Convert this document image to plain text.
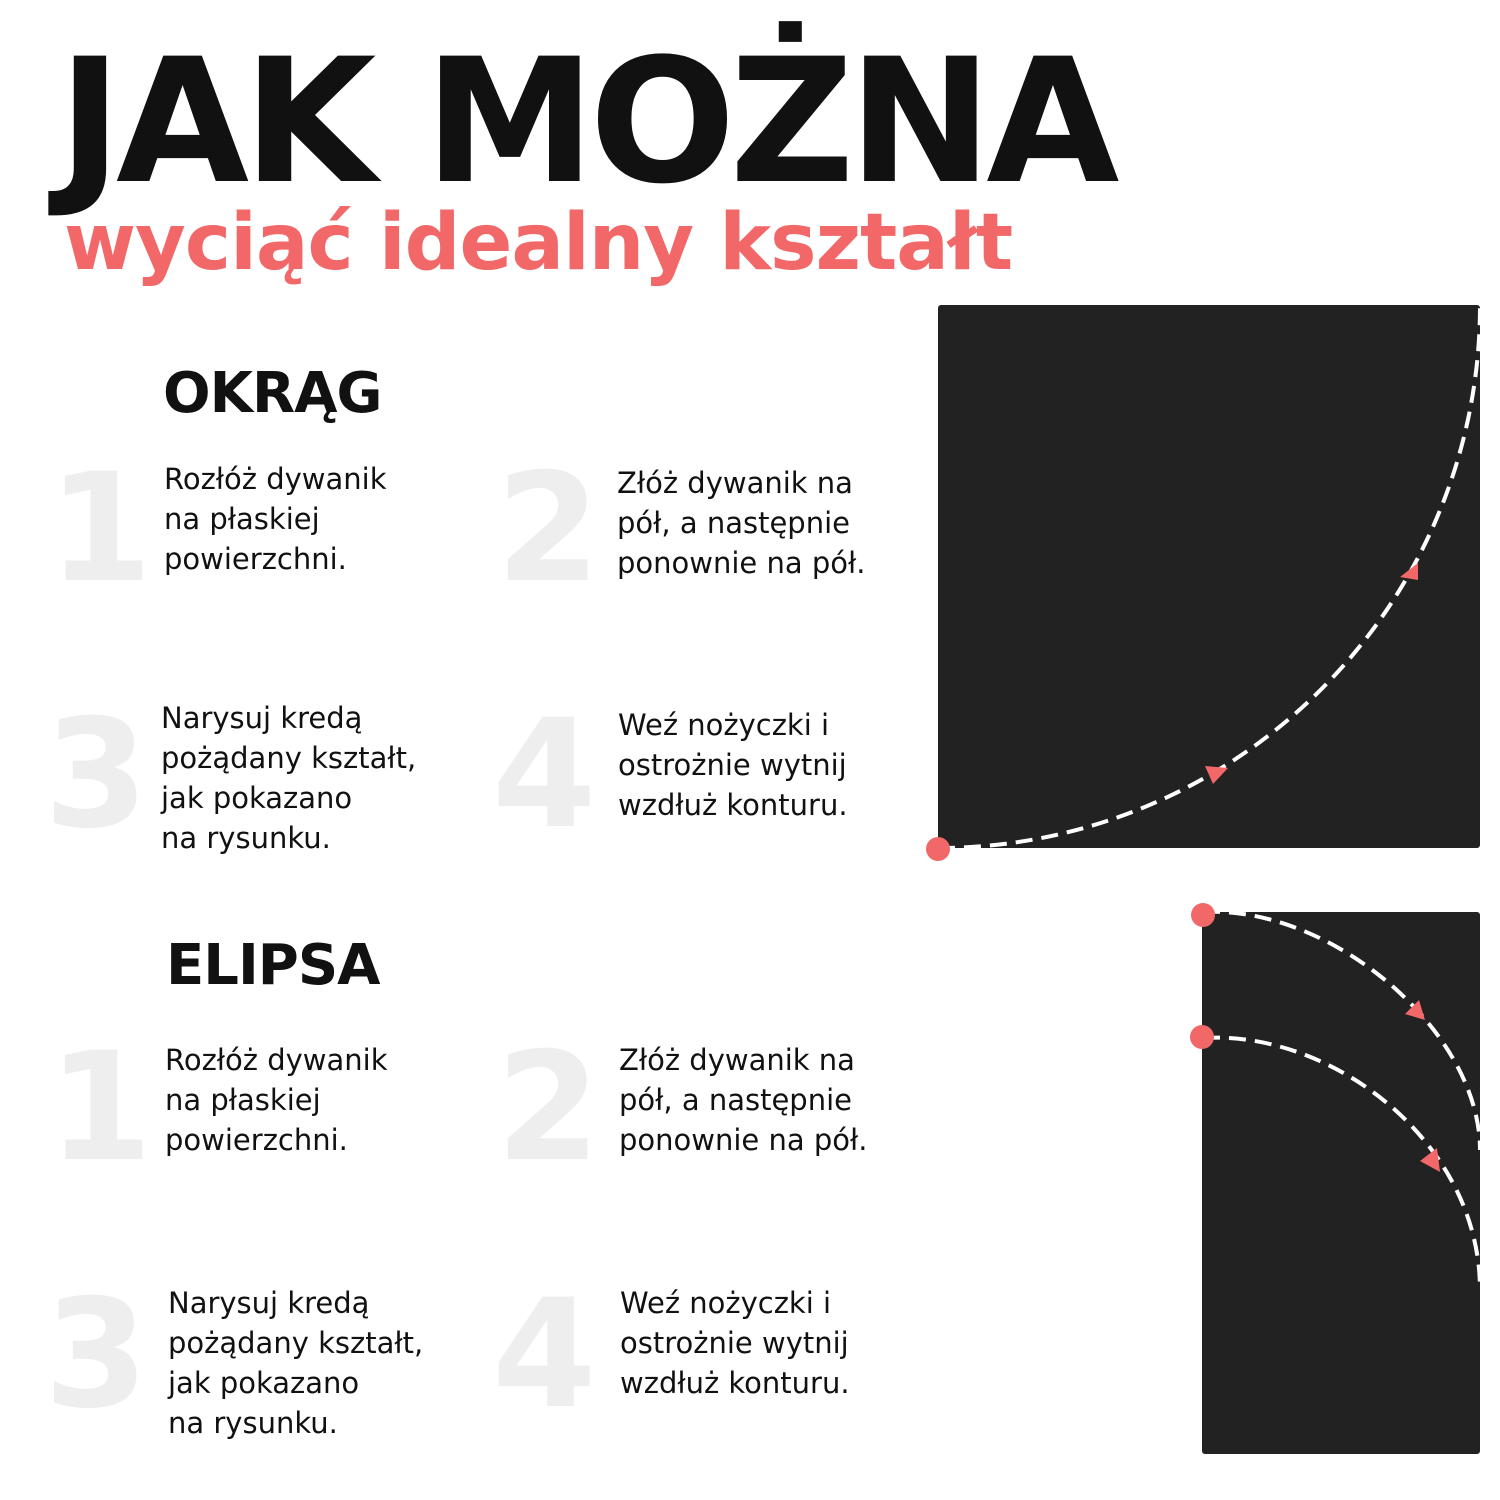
JAK MOŻNA
wyciąć idealny kształt
OKRĄG
1 Rozłóż dywanik
na płaskiej
powierzchni. 2 Złóż dywanik na
pół, a następnie
ponownie na pół.

3 Narysuj kredą
pożądany kształt,
jak pokazano
na rysunku.	4 Weź nożyczki i
ostrożnie wytnij
wzdłuż konturu.

ELIPSA
1 Rozłóż dywanik
na płaskiej
powierzchni. 2 Złóż dywanik na
pół, a następnie
ponownie na pół.

3 Narysuj kredą
pożądany kształt,
jak pokazano
na rysunku.	4 Weź nożyczki i
ostrożnie wytnij
wzdłuż konturu.
